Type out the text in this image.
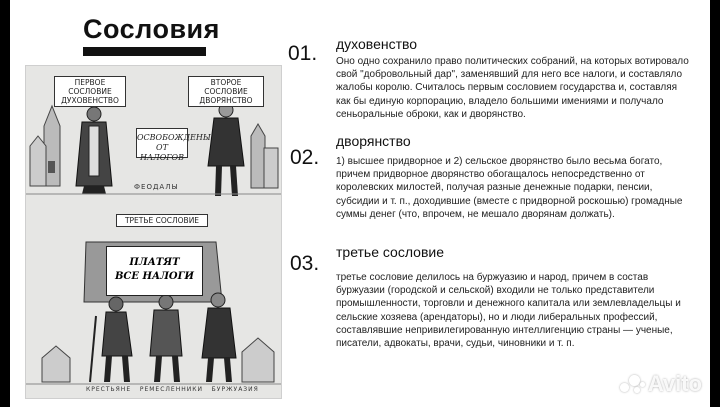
Сословия
ПЕРВОЕ СОСЛОВИЕ ДУХОВЕНСТВО
ВТОРОЕ СОСЛОВИЕ ДВОРЯНСТВО
ОСВОБОЖДЕНЫ ОТ НАЛОГОВ
ФЕОДАЛЫ
ТРЕТЬЕ СОСЛОВИЕ
ПЛАТЯТ
ВСЕ НАЛОГИ
КРЕСТЬЯНЕ   РЕМЕСЛЕННИКИ   БУРЖУАЗИЯ
01. духовенство
Оно одно сохранило право политических собраний, на которых вотировало свой "добровольный дар", заменявший для него все налоги, и составляло жалобы королю. Считалось первым сословием государства и, составляя как бы единую корпорацию, владело большими имениями и получало сеньоральные оброки, как и дворянство.
02.
дворянство
1) высшее придворное и 2) сельское дворянство было весьма богато, причем придворное дворянство обогащалось непосредственно от королевских милостей, получая разные денежные подарки, пенсии, субсидии и т. п., доходившие (вместе с придворной роскошью) громадные суммы денег (что, впрочем, не мешало дворянам должать).
03. третье сословие
третье сословие делилось на буржуазию и народ, причем в состав буржуазии (городской и сельской) входили не только представители промышленности, торговли и денежного капитала или землевладельцы и сельские хозяева (арендаторы), но и люди либеральных профессий, составлявшие непривилегированную интеллигенцию страны — ученые, писатели, адвокаты, врачи, судьи, чиновники и т. п.
Avito
